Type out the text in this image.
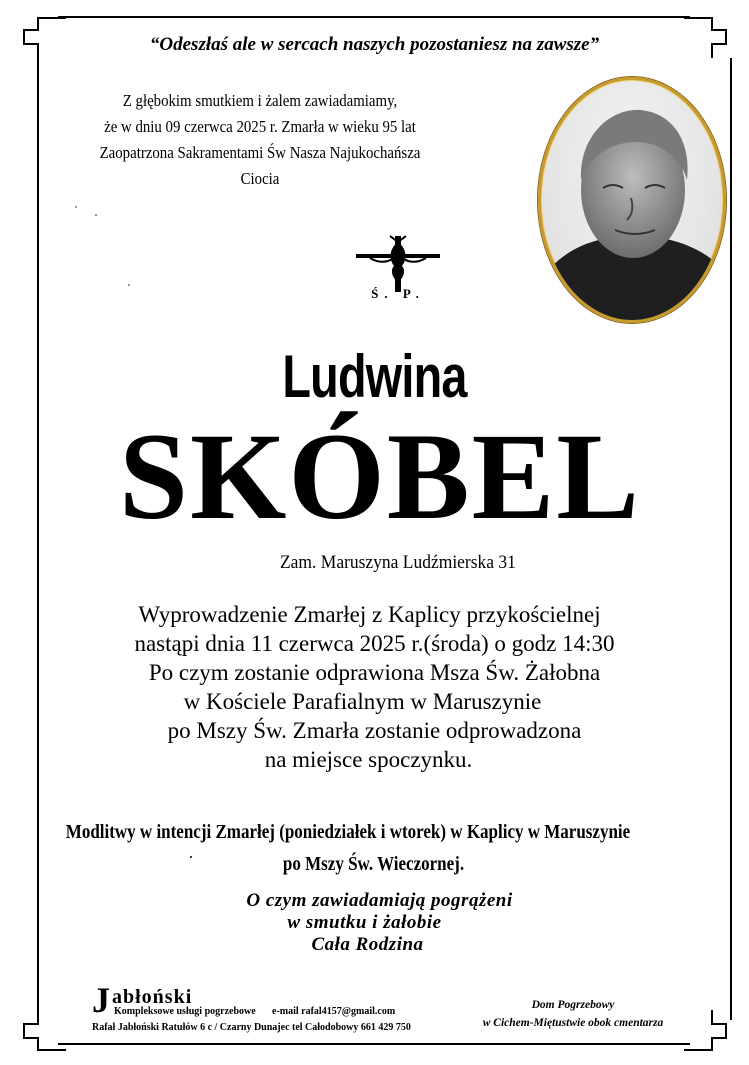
“Odeszłaś ale w sercach naszych pozostaniesz na zawsze”
Z głębokim smutkiem i żalem zawiadamiamy,
że w dniu 09 czerwca 2025 r. Zmarła w wieku 95 lat
Zaopatrzona Sakramentami Św Nasza Najukochańsza
Ciocia
Ś. P.
Ludwina
SKÓBEL
Zam. Maruszyna Ludźmierska 31
Wyprowadzenie Zmarłej z Kaplicy przykościelnej
nastąpi dnia 11 czerwca 2025 r.(środa) o godz 14:30
Po czym zostanie odprawiona Msza Św. Żałobna
w Kościele Parafialnym w Maruszynie
po Mszy Św. Zmarła zostanie odprowadzona
na miejsce spoczynku.
Modlitwy w intencji Zmarłej (poniedziałek i wtorek) w Kaplicy w Maruszynie
po Mszy Św. Wieczornej.
O czym zawiadamiają pogrążeni
w smutku i żałobie
Cała Rodzina
J abłoński
Kompleksowe usługi pogrzebowe e-mail rafal4157@gmail.com
Rafał Jabłoński Ratułów 6 c / Czarny Dunajec tel Całodobowy 661 429 750
Dom Pogrzebowy
w Cichem-Miętustwie obok cmentarza
